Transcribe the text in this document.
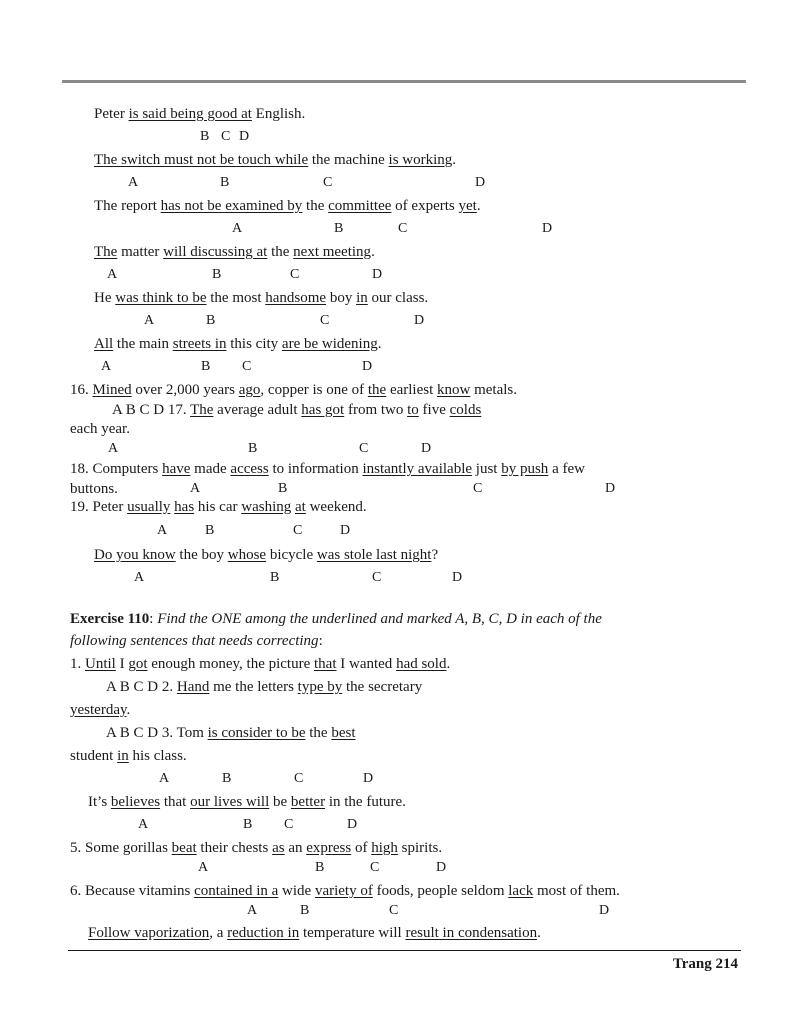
Peter is said being good at English.
B C D
The switch must not be touch while the machine is working.
A	B	C	D
The report has not be examined by the committee of experts yet.
A	B	C	D
The matter will discussing at the next meeting.
A	B	C	D
He was think to be the most handsome boy in our class.
A	B	C	D
All the main streets in this city are be widening.
A	B C	D
16. Mined over 2,000 years ago, copper is one of the earliest know metals.
A B C D 17. The average adult has got from two to five colds
each year.
A	B	C	D
18. Computers have made access to information instantly available just by push a few
buttons.	A	B	C	D
19. Peter usually has his car washing at weekend.
A	B	C	D
Do you know the boy whose bicycle was stole last night?
A	B	C	D
Exercise 110: Find the ONE among the underlined and marked A, B, C, D in each of the
following sentences that needs correcting:
1. Until I got enough money, the picture that I wanted had sold.
A B C D 2. Hand me the letters type by the secretary
yesterday.
A B C D 3. Tom is consider to be the best
student in his class.
A	B	C	D
It’s believes that our lives will be better in the future.
A	B C	D
5. Some gorillas beat their chests as an express of high spirits.
A	B	C	D
6. Because vitamins contained in a wide variety of foods, people seldom lack most of them.
A	B	C	D
Follow vaporization, a reduction in temperature will result in condensation.
Trang 214
